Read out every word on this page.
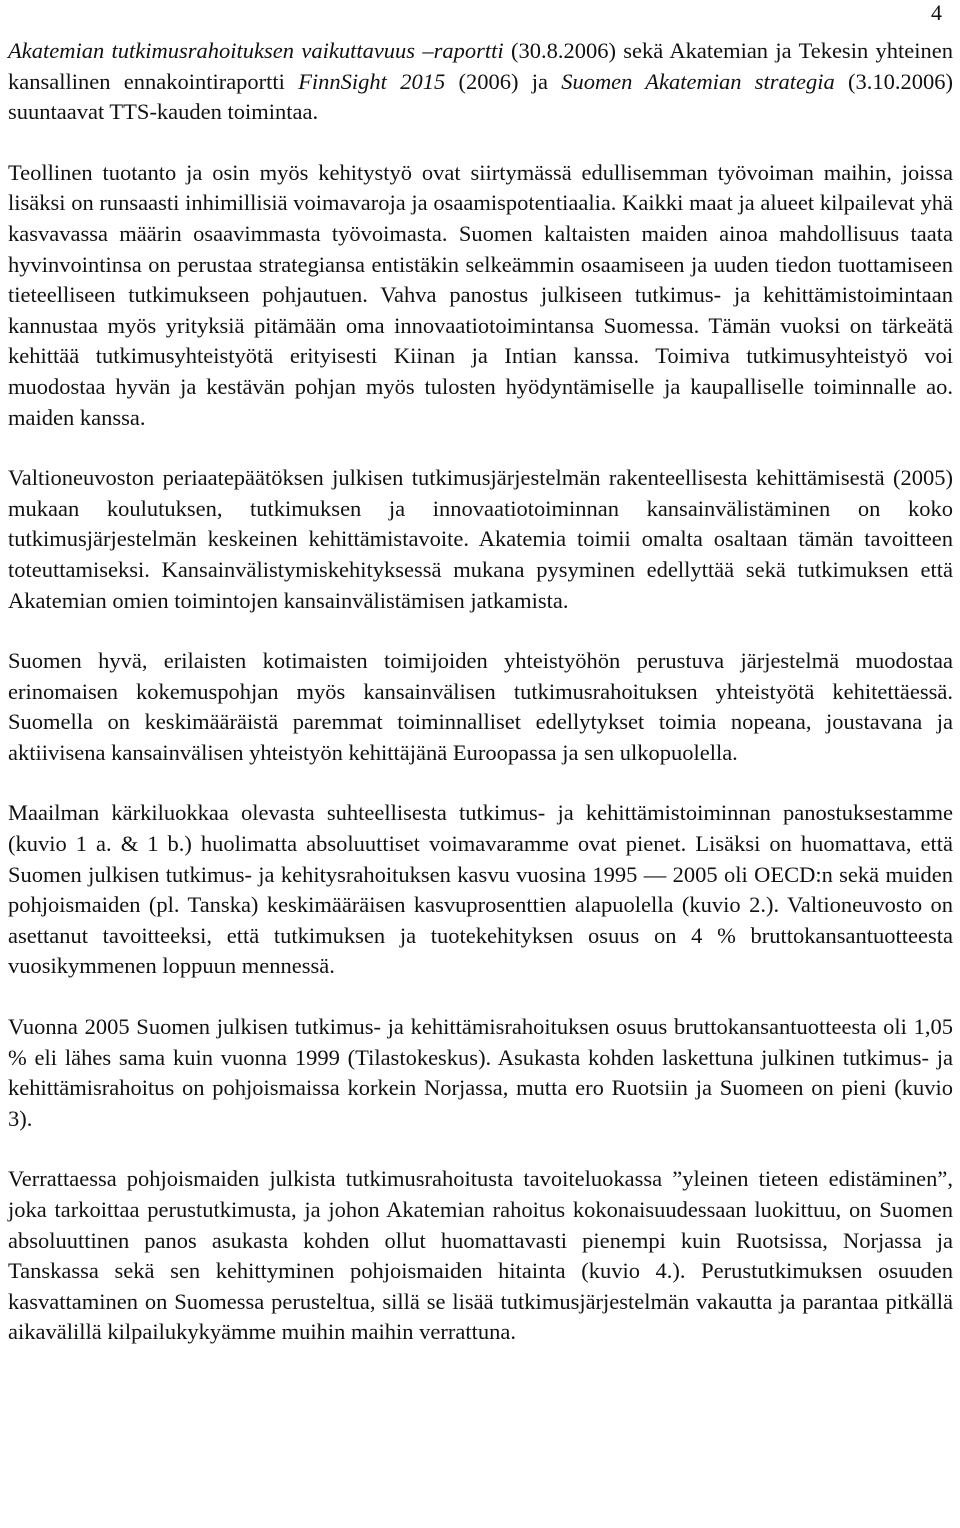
4

Akatemian tutkimusrahoituksen vaikuttavuus –raportti (30.8.2006) sekä Akatemian ja Tekesin yhteinen kansallinen ennakointiraportti FinnSight 2015 (2006) ja Suomen Akatemian strategia (3.10.2006) suuntaavat TTS-kauden toimintaa.

Teollinen tuotanto ja osin myös kehitystyö ovat siirtymässä edullisemman työvoiman maihin, joissa lisäksi on runsaasti inhimillisiä voimavaroja ja osaamispotentiaalia. Kaikki maat ja alueet kilpailevat yhä kasvavassa määrin osaavimmasta työvoimasta. Suomen kaltaisten maiden ainoa mahdollisuus taata hyvinvointinsa on perustaa strategiansa entistäkin selkeämmin osaamiseen ja uuden tiedon tuottamiseen tieteelliseen tutkimukseen pohjautuen. Vahva panostus julkiseen tutkimus- ja kehittämistoimintaan kannustaa myös yrityksiä pitämään oma innovaatiotoimintansa Suomessa. Tämän vuoksi on tärkeätä kehittää tutkimusyhteistyötä erityisesti Kiinan ja Intian kanssa. Toimiva tutkimusyhteistyö voi muodostaa hyvän ja kestävän pohjan myös tulosten hyödyntämiselle ja kaupalliselle toiminnalle ao. maiden kanssa.

Valtioneuvoston periaatepäätöksen julkisen tutkimusjärjestelmän rakenteellisesta kehittämisestä (2005) mukaan koulutuksen, tutkimuksen ja innovaatiotoiminnan kansainvälistäminen on koko tutkimusjärjestelmän keskeinen kehittämistavoite. Akatemia toimii omalta osaltaan tämän tavoitteen toteuttamiseksi. Kansainvälistymiskehityksessä mukana pysyminen edellyttää sekä tutkimuksen että Akatemian omien toimintojen kansainvälistämisen jatkamista.

Suomen hyvä, erilaisten kotimaisten toimijoiden yhteistyöhön perustuva järjestelmä muodostaa erinomaisen kokemuspohjan myös kansainvälisen tutkimusrahoituksen yhteistyötä kehitettäessä. Suomella on keskimääräistä paremmat toiminnalliset edellytykset toimia nopeana, joustavana ja aktiivisena kansainvälisen yhteistyön kehittäjänä Euroopassa ja sen ulkopuolella.

Maailman kärkiluokkaa olevasta suhteellisesta tutkimus- ja kehittämistoiminnan panostuksestamme (kuvio 1 a. & 1 b.) huolimatta absoluuttiset voimavaramme ovat pienet. Lisäksi on huomattava, että Suomen julkisen tutkimus- ja kehitysrahoituksen kasvu vuosina 1995 — 2005 oli OECD:n sekä muiden pohjoismaiden (pl. Tanska) keskimääräisen kasvuprosenttien alapuolella (kuvio 2.). Valtioneuvosto on asettanut tavoitteeksi, että tutkimuksen ja tuotekehityksen osuus on 4 % bruttokansantuotteesta vuosikymmenen loppuun mennessä.

Vuonna 2005 Suomen julkisen tutkimus- ja kehittämisrahoituksen osuus bruttokansantuotteesta oli 1,05 % eli lähes sama kuin vuonna 1999 (Tilastokeskus). Asukasta kohden laskettuna julkinen tutkimus- ja kehittämisrahoitus on pohjoismaissa korkein Norjassa, mutta ero Ruotsiin ja Suomeen on pieni (kuvio 3).

Verrattaessa pohjoismaiden julkista tutkimusrahoitusta tavoiteluokassa ”yleinen tieteen edistäminen”, joka tarkoittaa perustutkimusta, ja johon Akatemian rahoitus kokonaisuudessaan luokittuu, on Suomen absoluuttinen panos asukasta kohden ollut huomattavasti pienempi kuin Ruotsissa, Norjassa ja Tanskassa sekä sen kehittyminen pohjoismaiden hitainta (kuvio 4.). Perustutkimuksen osuuden kasvattaminen on Suomessa perusteltua, sillä se lisää tutkimusjärjestelmän vakautta ja parantaa pitkällä aikavälillä kilpailukykyämme muihin maihin verrattuna.
